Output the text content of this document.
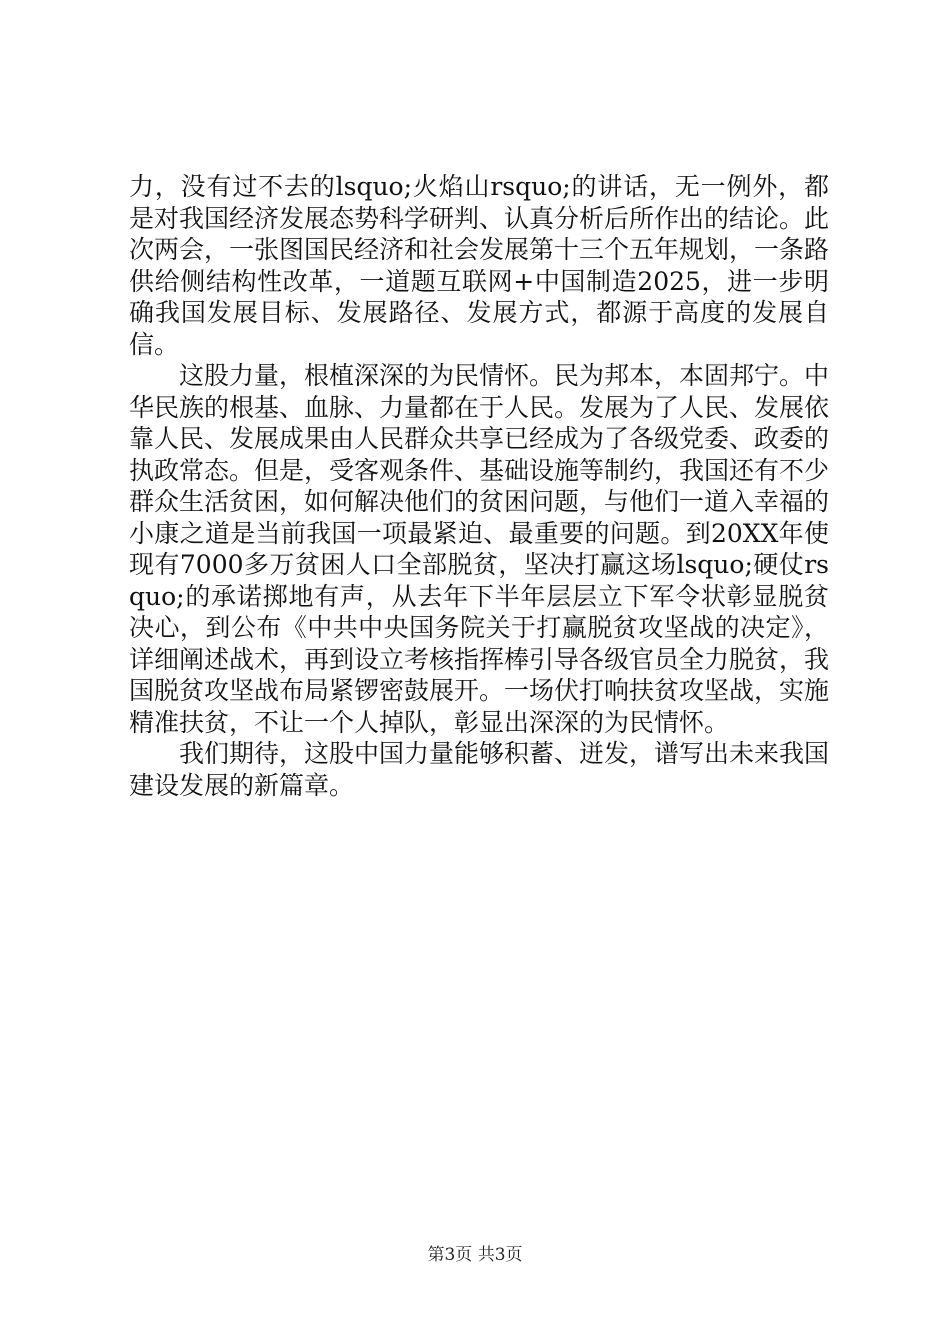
力，没有过不去的lsquo;火焰山rsquo;的讲话，无一例外，都是对我国经济发展态势科学研判、认真分析后所作出的结论。此次两会，一张图国民经济和社会发展第十三个五年规划，一条路供给侧结构性改革，一道题互联网+中国制造2025，进一步明确我国发展目标、发展路径、发展方式，都源于高度的发展自信。

这股力量，根植深深的为民情怀。民为邦本，本固邦宁。中华民族的根基、血脉、力量都在于人民。发展为了人民、发展依靠人民、发展成果由人民群众共享已经成为了各级党委、政委的执政常态。但是，受客观条件、基础设施等制约，我国还有不少群众生活贫困，如何解决他们的贫困问题，与他们一道入幸福的小康之道是当前我国一项最紧迫、最重要的问题。到20XX年使现有7000多万贫困人口全部脱贫，坚决打赢这场lsquo;硬仗rsquo;的承诺掷地有声，从去年下半年层层立下军令状彰显脱贫决心，到公布《中共中央国务院关于打赢脱贫攻坚战的决定》，详细阐述战术，再到设立考核指挥棒引导各级官员全力脱贫，我国脱贫攻坚战布局紧锣密鼓展开。一场伏打响扶贫攻坚战，实施精准扶贫，不让一个人掉队，彰显出深深的为民情怀。

我们期待，这股中国力量能够积蓄、迸发，谱写出未来我国建设发展的新篇章。

第3页 共3页
